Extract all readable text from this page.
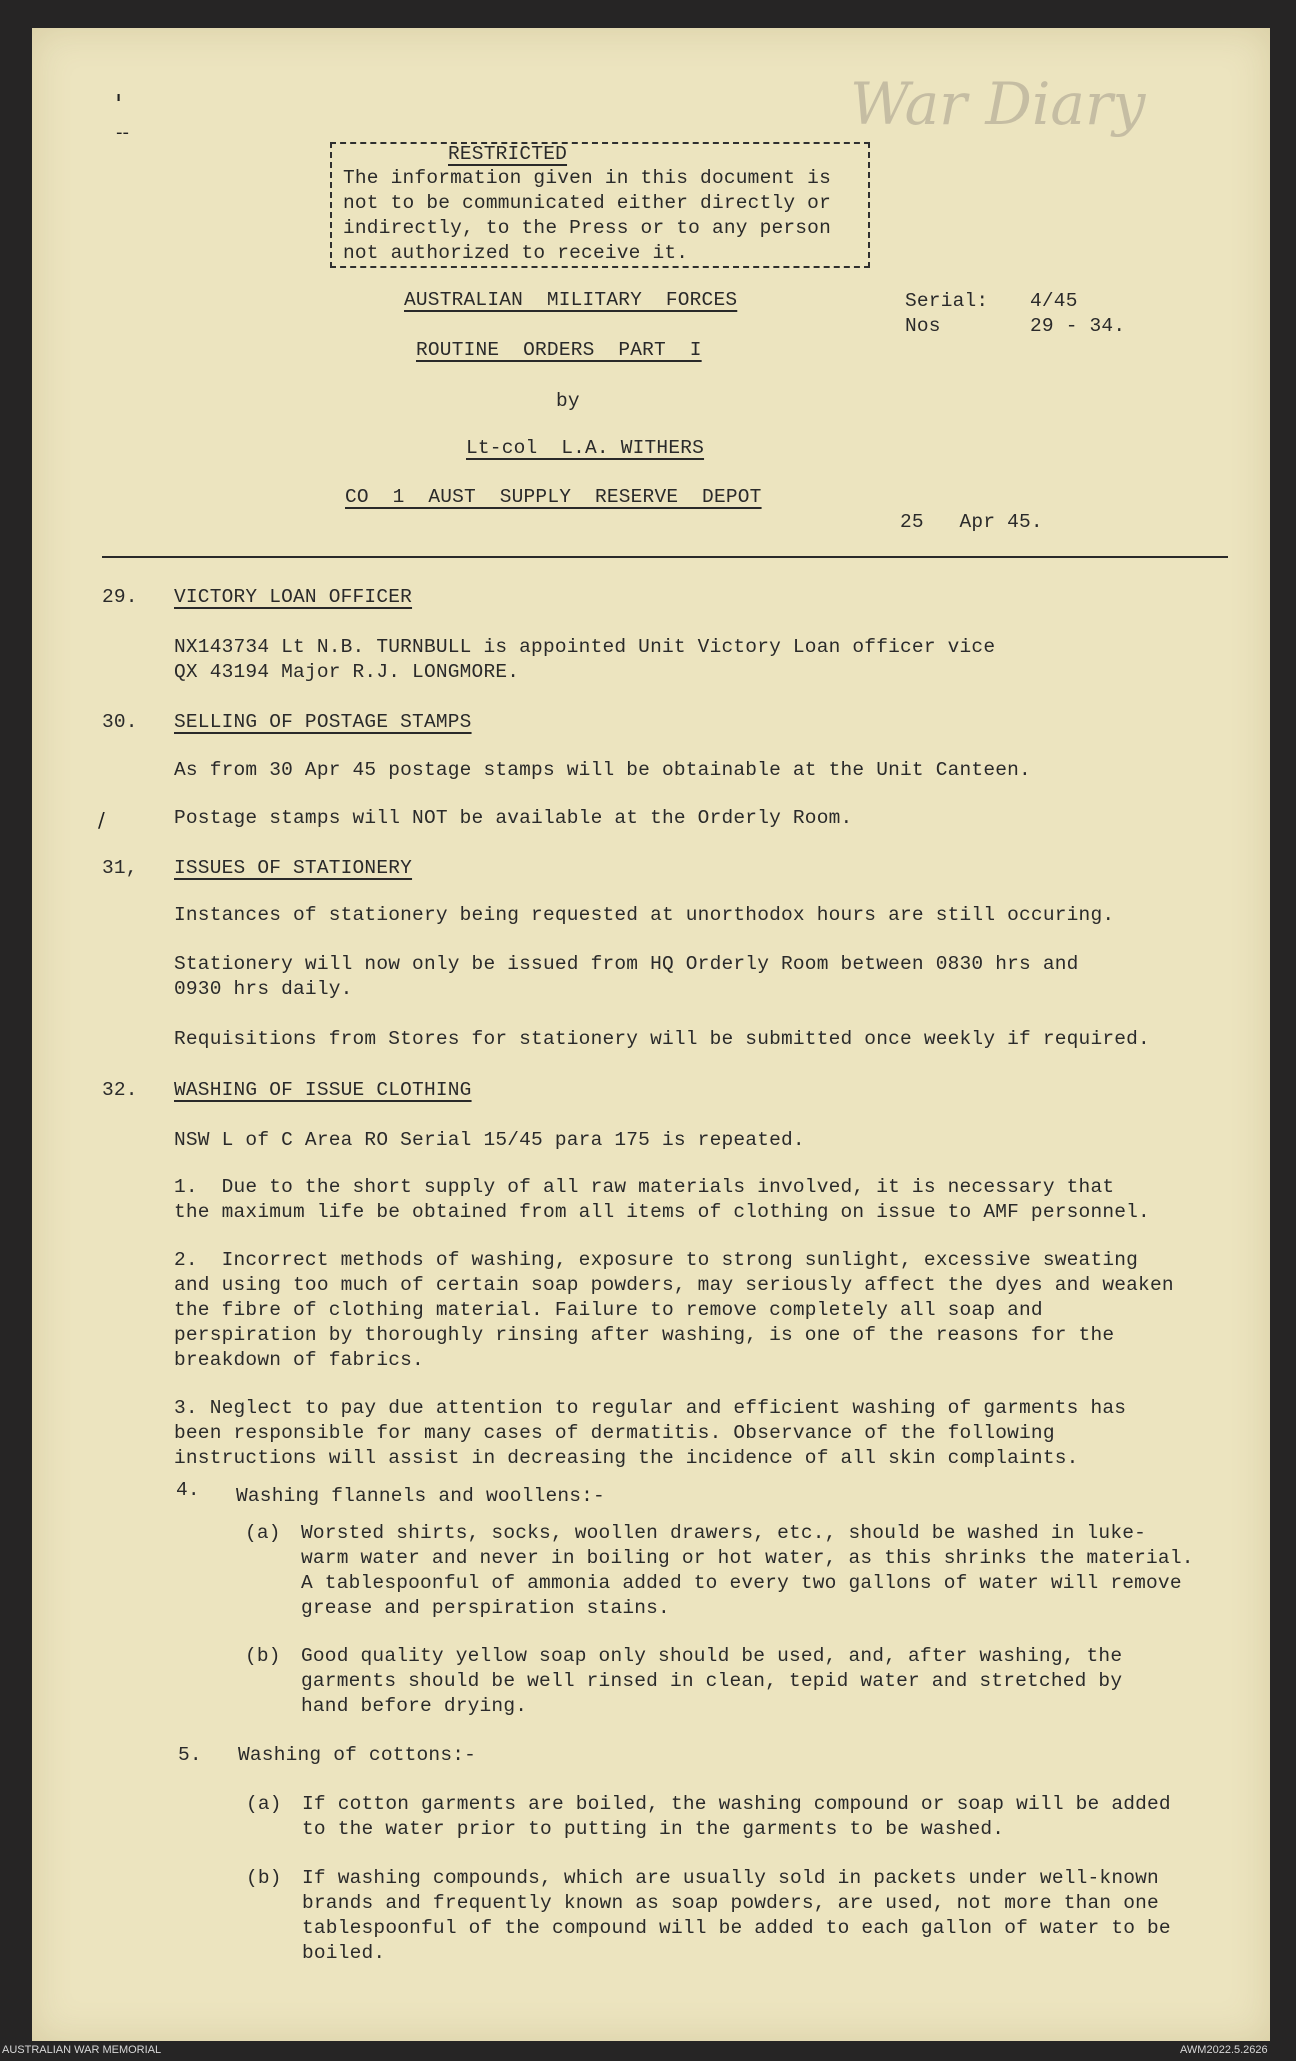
'
--	War Diary
RESTRICTED
The information given in this document is
not to be communicated either directly or
indirectly, to the Press or to any person
not authorized to receive it.
AUSTRALIAN  MILITARY  FORCES
ROUTINE  ORDERS  PART  I
by
Lt-col  L.A. WITHERS
CO  1  AUST  SUPPLY  RESERVE  DEPOT
Serial: 4/45
Nos	29 - 34.
25   Apr 45.
29. VICTORY LOAN OFFICER
NX143734 Lt N.B. TURNBULL is appointed Unit Victory Loan officer vice
QX 43194 Major R.J. LONGMORE.
30. SELLING OF POSTAGE STAMPS
As from 30 Apr 45 postage stamps will be obtainable at the Unit Canteen.
/	Postage stamps will NOT be available at the Orderly Room.
31, ISSUES OF STATIONERY
Instances of stationery being requested at unorthodox hours are still occuring.
Stationery will now only be issued from HQ Orderly Room between 0830 hrs and
0930 hrs daily.
Requisitions from Stores for stationery will be submitted once weekly if required.
32. WASHING OF ISSUE CLOTHING
NSW L of C Area RO Serial 15/45 para 175 is repeated.
1.  Due to the short supply of all raw materials involved, it is necessary that
the maximum life be obtained from all items of clothing on issue to AMF personnel.
2.  Incorrect methods of washing, exposure to strong sunlight, excessive sweating
and using too much of certain soap powders, may seriously affect the dyes and weaken
the fibre of clothing material. Failure to remove completely all soap and
perspiration by thoroughly rinsing after washing, is one of the reasons for the
breakdown of fabrics.
3. Neglect to pay due attention to regular and efficient washing of garments has
been responsible for many cases of dermatitis. Observance of the following
instructions will assist in decreasing the incidence of all skin complaints.
4. Washing flannels and woollens:-
(a) Worsted shirts, socks, woollen drawers, etc., should be washed in luke-
warm water and never in boiling or hot water, as this shrinks the material.
A tablespoonful of ammonia added to every two gallons of water will remove
grease and perspiration stains.
(b) Good quality yellow soap only should be used, and, after washing, the
garments should be well rinsed in clean, tepid water and stretched by
hand before drying.
5. Washing of cottons:-
(a) If cotton garments are boiled, the washing compound or soap will be added
to the water prior to putting in the garments to be washed.
(b) If washing compounds, which are usually sold in packets under well-known
brands and frequently known as soap powders, are used, not more than one
tablespoonful of the compound will be added to each gallon of water to be
boiled.
AUSTRALIAN WAR MEMORIAL	AWM2022.5.2626
